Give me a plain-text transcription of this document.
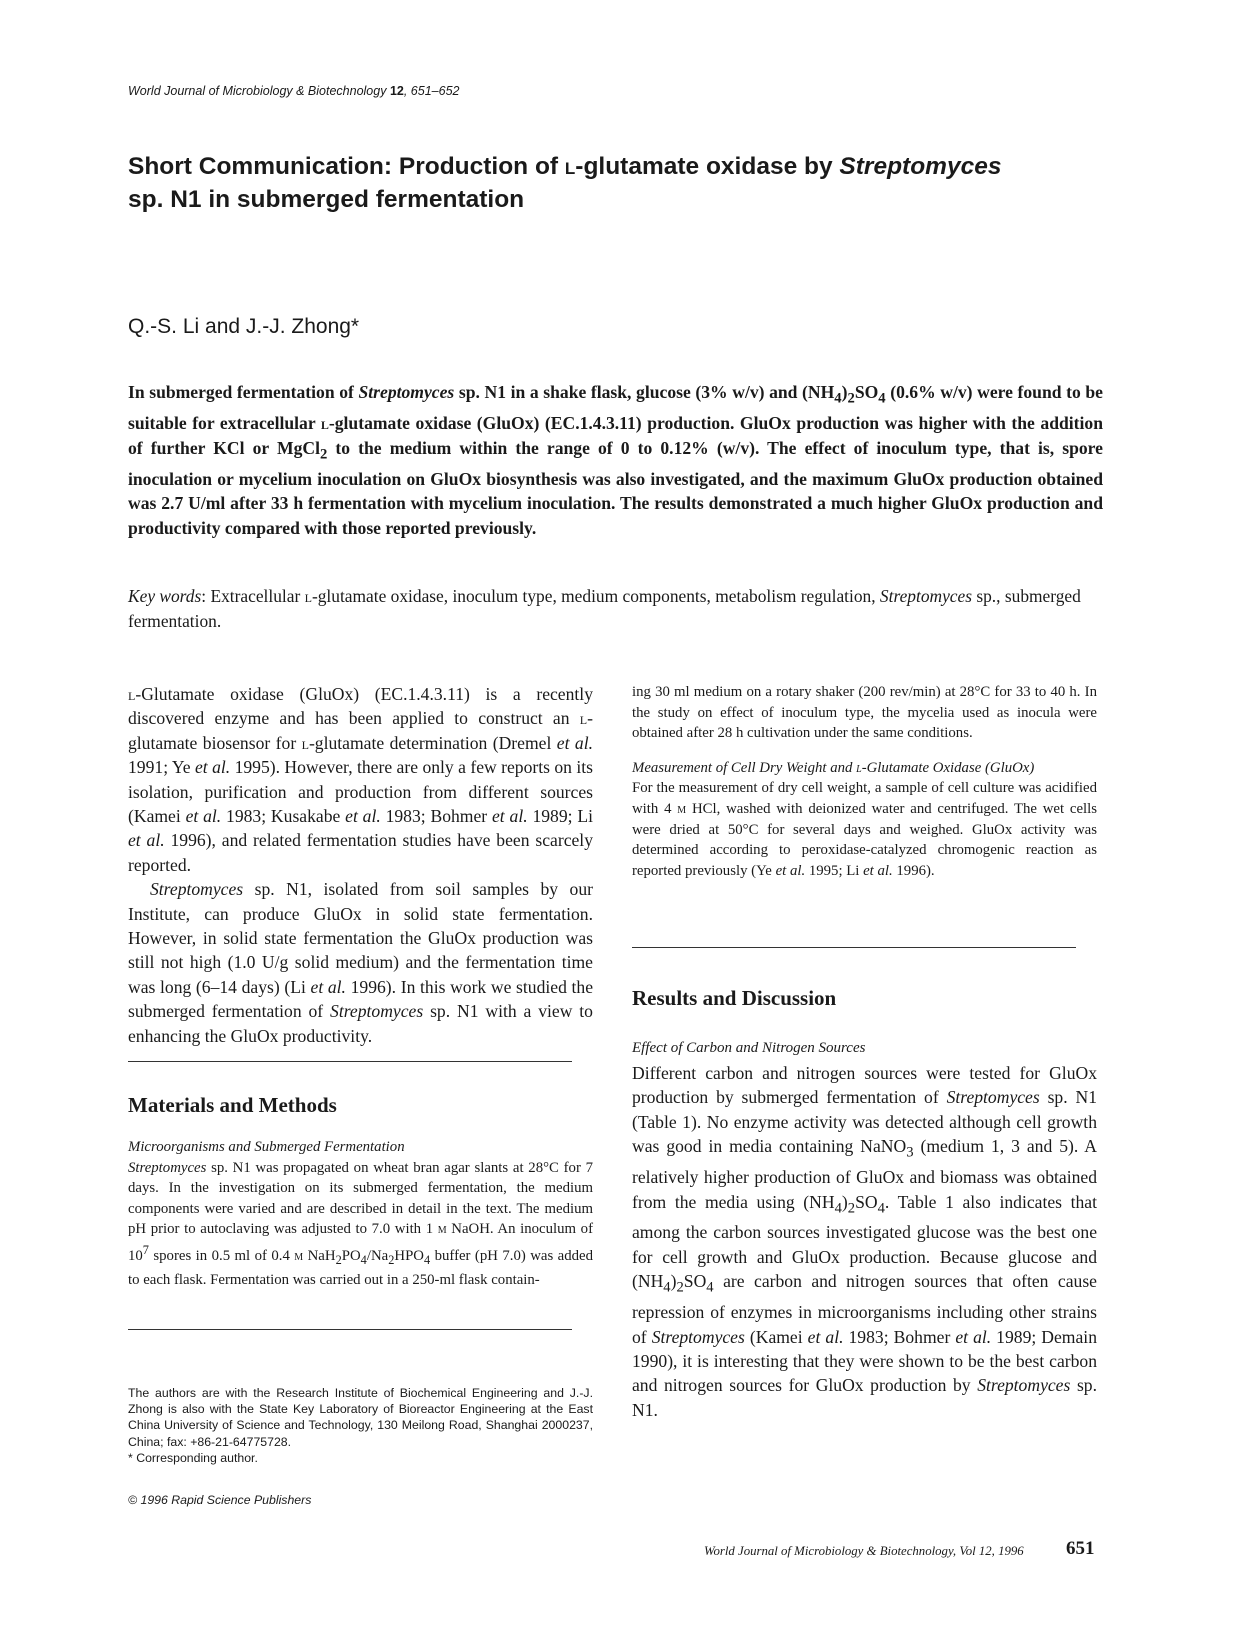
World Journal of Microbiology & Biotechnology 12, 651–652
Short Communication: Production of l-glutamate oxidase by Streptomyces
sp. N1 in submerged fermentation
Q.-S. Li and J.-J. Zhong*
In submerged fermentation of Streptomyces sp. N1 in a shake flask, glucose (3% w/v) and $(NH_4)_2SO_4$ (0.6% w/v) were found to be suitable for extracellular l-glutamate oxidase (GluOx) (EC.1.4.3.11) production. GluOx production was higher with the addition of further KCl or MgCl$_2$ to the medium within the range of 0 to 0.12% (w/v). The effect of inoculum type, that is, spore inoculation or mycelium inoculation on GluOx biosynthesis was also investigated, and the maximum GluOx production obtained was 2.7 U/ml after 33 h fermentation with mycelium inoculation. The results demonstrated a much higher GluOx production and productivity compared with those reported previously.
Key words: Extracellular l-glutamate oxidase, inoculum type, medium components, metabolism regulation, Streptomyces sp., submerged fermentation.

l-Glutamate oxidase (GluOx) (EC.1.4.3.11) is a recently discovered enzyme and has been applied to construct an l-glutamate biosensor for l-glutamate determination (Dremel et al. 1991; Ye et al. 1995). However, there are only a few reports on its isolation, purification and production from different sources (Kamei et al. 1983; Kusakabe et al. 1983; Bohmer et al. 1989; Li et al. 1996), and related fermentation studies have been scarcely reported.

Streptomyces sp. N1, isolated from soil samples by our Institute, can produce GluOx in solid state fermentation. However, in solid state fermentation the GluOx production was still not high (1.0 U/g solid medium) and the fermentation time was long (6–14 days) (Li et al. 1996). In this work we studied the submerged fermentation of Streptomyces sp. N1 with a view to enhancing the GluOx productivity.

Materials and Methods

Microorganisms and Submerged Fermentation

Streptomyces sp. N1 was propagated on wheat bran agar slants at 28°C for 7 days. In the investigation on its submerged fermentation, the medium components were varied and are described in detail in the text. The medium pH prior to autoclaving was adjusted to 7.0 with 1 m NaOH. An inoculum of $10^7$ spores in 0.5 ml of 0.4 m $NaH_2PO_4/Na_2HPO_4$ buffer (pH 7.0) was added to each flask. Fermentation was carried out in a 250-ml flask contain-

The authors are with the Research Institute of Biochemical Engineering and J.-J. Zhong is also with the State Key Laboratory of Bioreactor Engineering at the East China University of Science and Technology, 130 Meilong Road, Shanghai 2000237, China; fax: +86-21-64775728.
* Corresponding author.
© 1996 Rapid Science Publishers

ing 30 ml medium on a rotary shaker (200 rev/min) at 28°C for 33 to 40 h. In the study on effect of inoculum type, the mycelia used as inocula were obtained after 28 h cultivation under the same conditions.

Measurement of Cell Dry Weight and l-Glutamate Oxidase (GluOx)

For the measurement of dry cell weight, a sample of cell culture was acidified with 4 m HCl, washed with deionized water and centrifuged. The wet cells were dried at 50°C for several days and weighed. GluOx activity was determined according to peroxidase-catalyzed chromogenic reaction as reported previously (Ye et al. 1995; Li et al. 1996).

Results and Discussion
Effect of Carbon and Nitrogen Sources

Different carbon and nitrogen sources were tested for GluOx production by submerged fermentation of Streptomyces sp. N1 (Table 1). No enzyme activity was detected although cell growth was good in media containing NaNO$_3$ (medium 1, 3 and 5). A relatively higher production of GluOx and biomass was obtained from the media using $(NH_4)_2SO_4$. Table 1 also indicates that among the carbon sources investigated glucose was the best one for cell growth and GluOx production. Because glucose and $(NH_4)_2SO_4$ are carbon and nitrogen sources that often cause repression of enzymes in microorganisms including other strains of Streptomyces (Kamei et al. 1983; Bohmer et al. 1989; Demain 1990), it is interesting that they were shown to be the best carbon and nitrogen sources for GluOx production by Streptomyces sp. N1.

World Journal of Microbiology & Biotechnology, Vol 12, 1996 651
